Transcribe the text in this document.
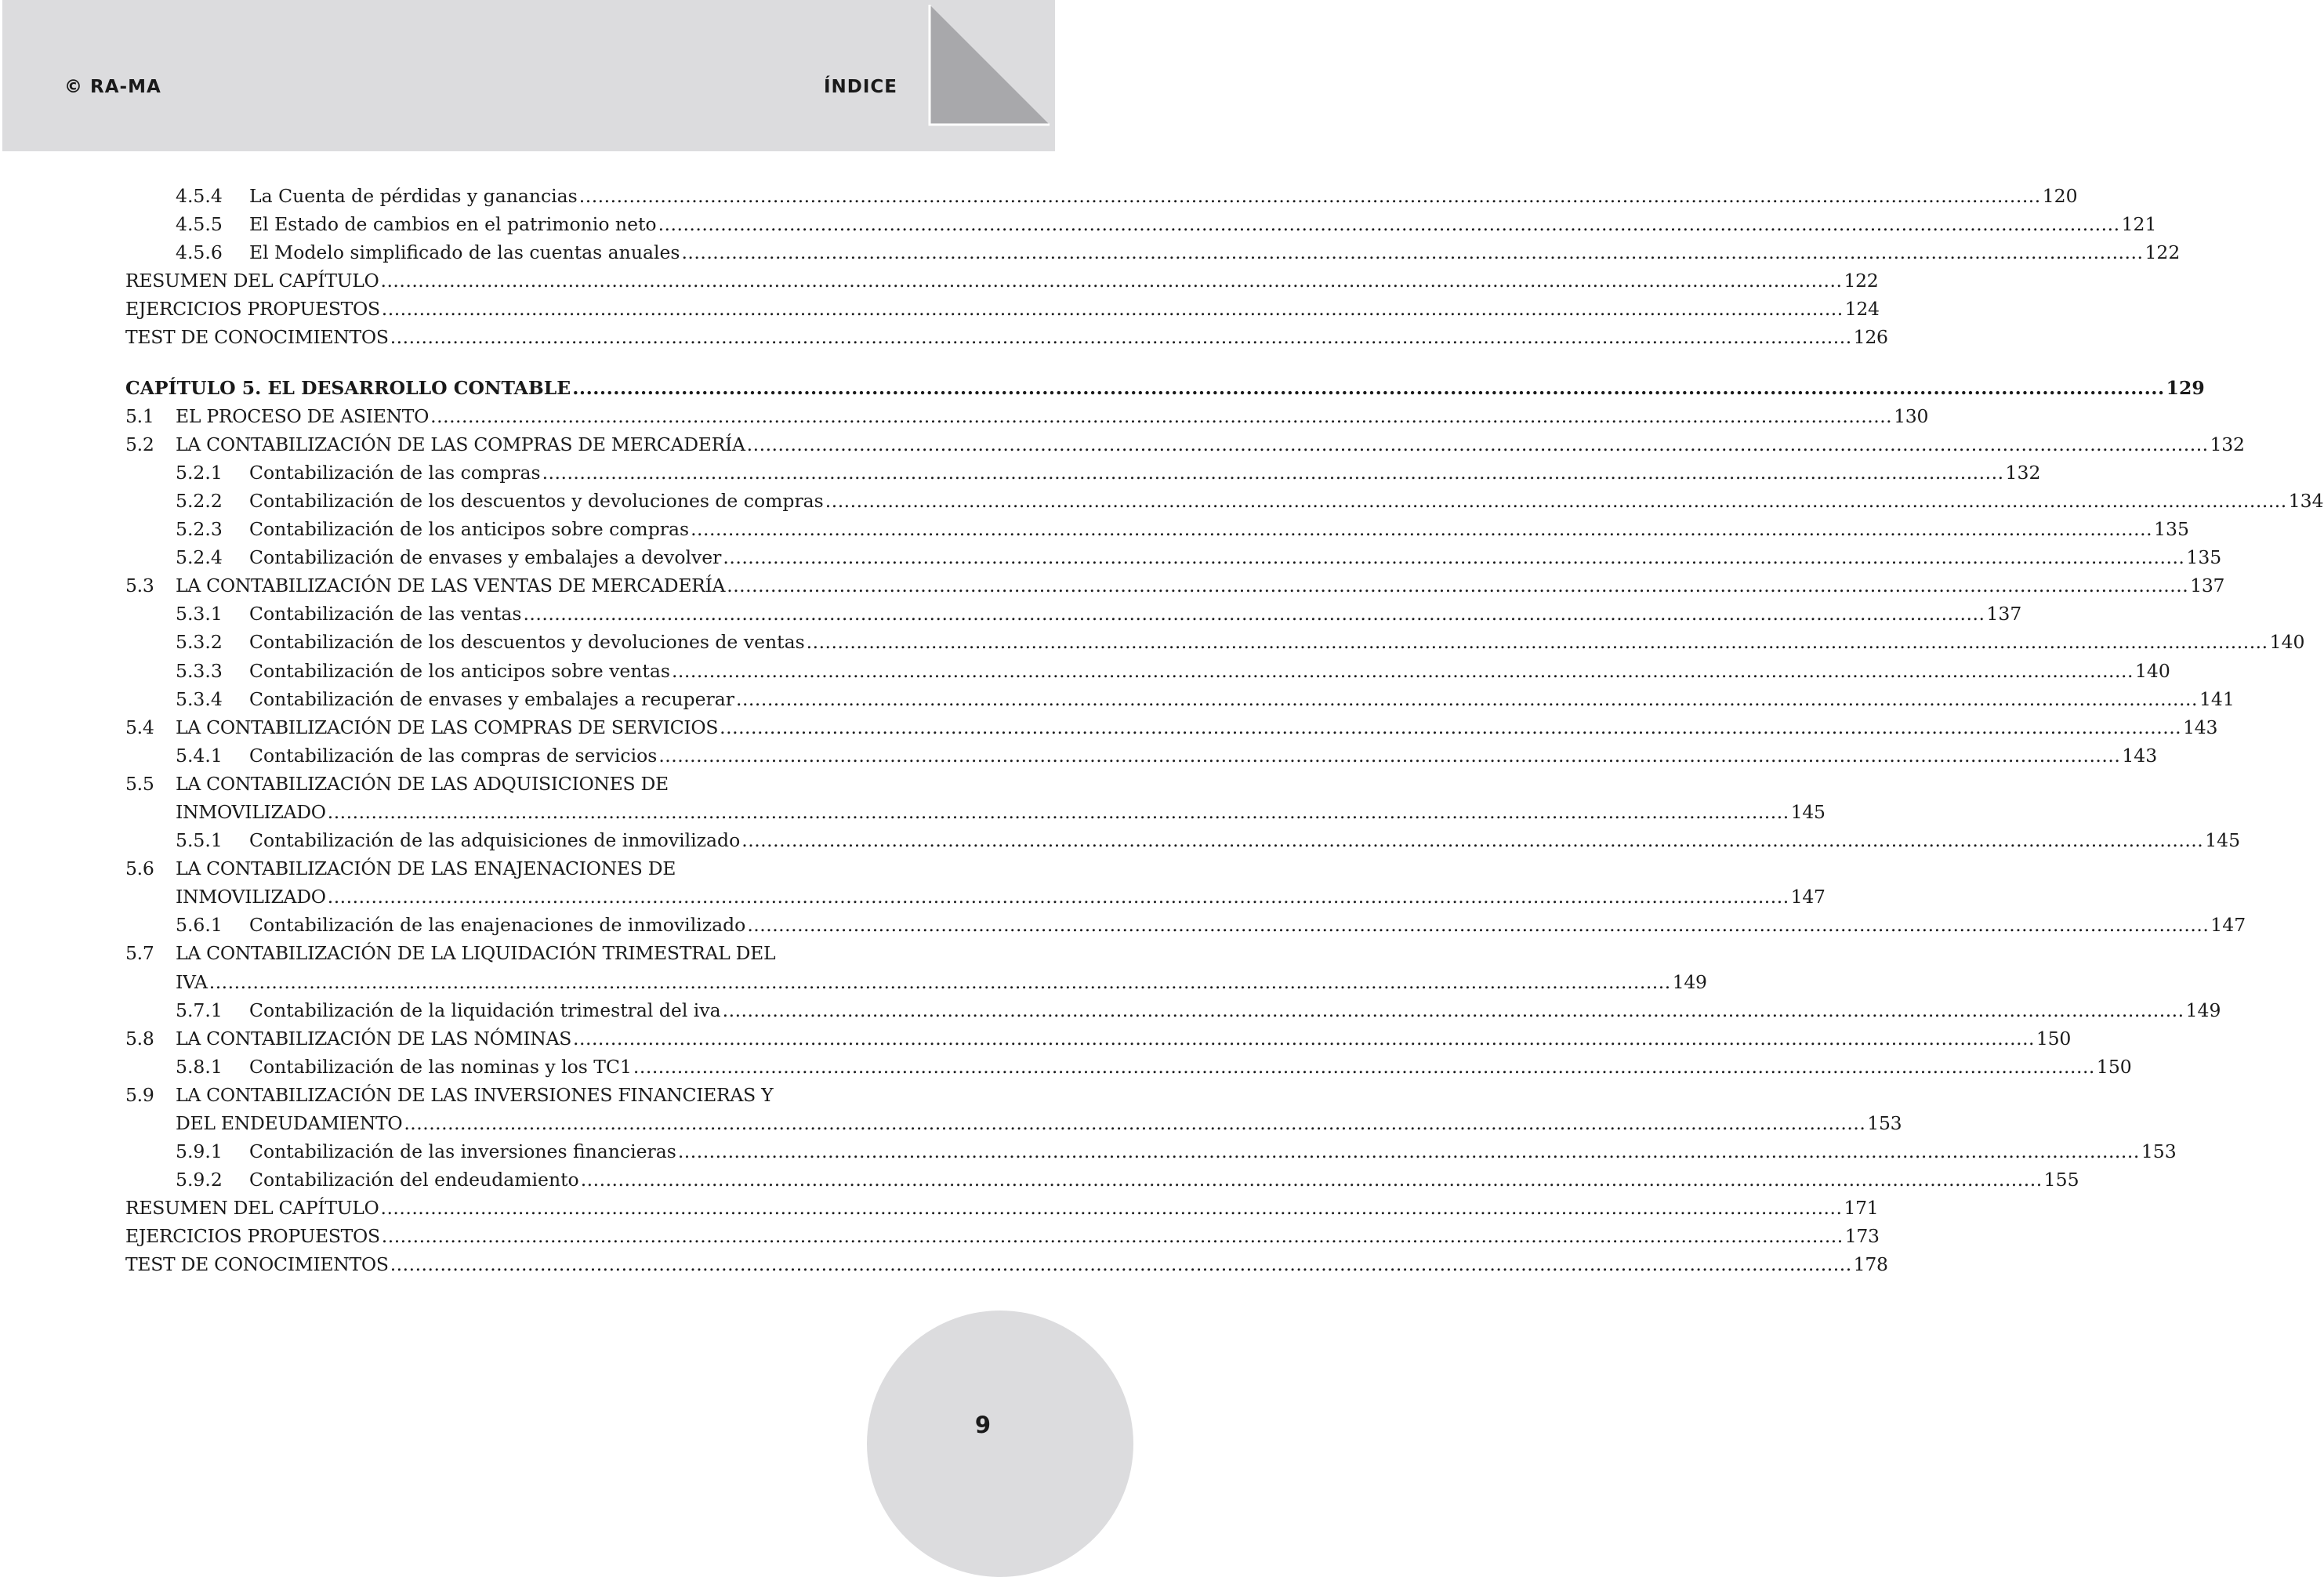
© RA-MA	ÍNDICE
4.5.4	La Cuenta de pérdidas y ganancias .....	120
4.5.5	El Estado de cambios en el patrimonio neto .....	121
4.5.6	El Modelo simplificado de las cuentas anuales .....	122
RESUMEN DEL CAPÍTULO .....	122
EJERCICIOS PROPUESTOS .....	124
TEST DE CONOCIMIENTOS .....	126
CAPÍTULO 5. EL DESARROLLO CONTABLE .....	129
5.1	EL PROCESO DE ASIENTO .....	130
5.2	LA CONTABILIZACIÓN DE LAS COMPRAS DE MERCADERÍA .....	132
5.2.1	Contabilización de las compras .....	132
5.2.2	Contabilización de los descuentos y devoluciones de compras .....	134
5.2.3	Contabilización de los anticipos sobre compras .....	135
5.2.4	Contabilización de envases y embalajes a devolver .....	135
5.3	LA CONTABILIZACIÓN DE LAS VENTAS DE MERCADERÍA .....	137
5.3.1	Contabilización de las ventas .....	137
5.3.2	Contabilización de los descuentos y devoluciones de ventas .....	140
5.3.3	Contabilización de los anticipos sobre ventas .....	140
5.3.4	Contabilización de envases y embalajes a recuperar .....	141
5.4	LA CONTABILIZACIÓN DE LAS COMPRAS DE SERVICIOS .....	143
5.4.1	Contabilización de las compras de servicios .....	143
5.5	LA CONTABILIZACIÓN DE LAS ADQUISICIONES DE
INMOVILIZADO .....	145
5.5.1	Contabilización de las adquisiciones de inmovilizado .....	145
5.6	LA CONTABILIZACIÓN DE LAS ENAJENACIONES DE
INMOVILIZADO .....	147
5.6.1	Contabilización de las enajenaciones de inmovilizado .....	147
5.7	LA CONTABILIZACIÓN DE LA LIQUIDACIÓN TRIMESTRAL DEL
IVA .....	149
5.7.1	Contabilización de la liquidación trimestral del iva .....	149
5.8	LA CONTABILIZACIÓN DE LAS NÓMINAS .....	150
5.8.1	Contabilización de las nominas y los TC1 .....	150
5.9	LA CONTABILIZACIÓN DE LAS INVERSIONES FINANCIERAS Y
DEL ENDEUDAMIENTO .....	153
5.9.1	Contabilización de las inversiones financieras .....	153
5.9.2	Contabilización del endeudamiento .....	155
RESUMEN DEL CAPÍTULO .....	171
EJERCICIOS PROPUESTOS .....	173
TEST DE CONOCIMIENTOS .....	178
9
